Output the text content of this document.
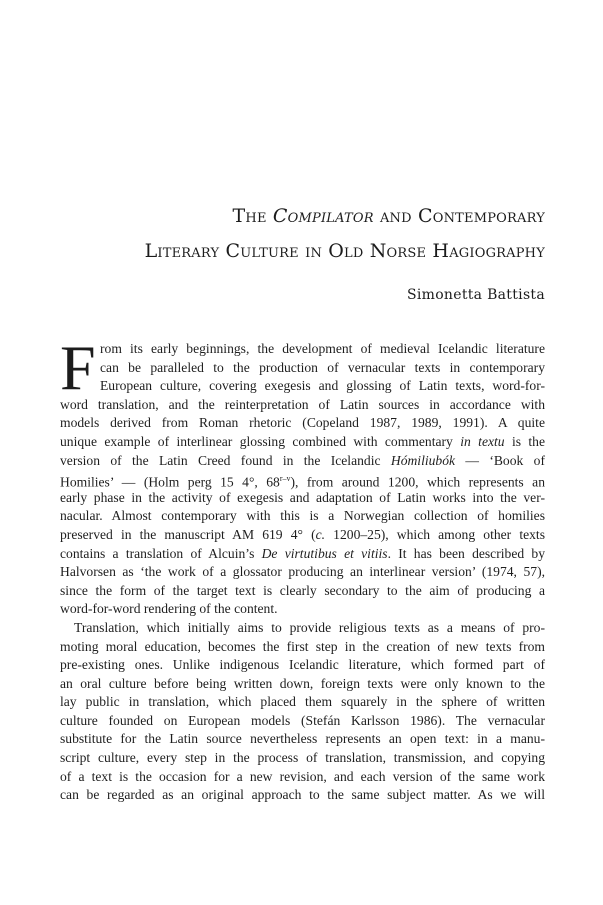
The Compilator and Contemporary
Literary Culture in Old Norse Hagiography
Simonetta Battista
F rom its early beginnings, the development of medieval Icelandic literature
can be paralleled to the production of vernacular texts in contemporary
European culture, covering exegesis and glossing of Latin texts, word-for-
word translation, and the reinterpretation of Latin sources in accordance with
models derived from Roman rhetoric (Copeland 1987, 1989, 1991). A quite
unique example of interlinear glossing combined with commentary in textu is the
version of the Latin Creed found in the Icelandic Hómiliubók — ‘Book of
Homilies’ — (Holm perg 15 4°, 68$^{r-v}$), from around 1200, which represents an
early phase in the activity of exegesis and adaptation of Latin works into the ver-
nacular. Almost contemporary with this is a Norwegian collection of homilies
preserved in the manuscript AM 619 4° (c. 1200–25), which among other texts
contains a translation of Alcuin’s De virtutibus et vitiis. It has been described by
Halvorsen as ‘the work of a glossator producing an interlinear version’ (1974, 57),
since the form of the target text is clearly secondary to the aim of producing a
word-for-word rendering of the content.
Translation, which initially aims to provide religious texts as a means of pro-
moting moral education, becomes the first step in the creation of new texts from
pre-existing ones. Unlike indigenous Icelandic literature, which formed part of
an oral culture before being written down, foreign texts were only known to the
lay public in translation, which placed them squarely in the sphere of written
culture founded on European models (Stefán Karlsson 1986). The vernacular
substitute for the Latin source nevertheless represents an open text: in a manu-
script culture, every step in the process of translation, transmission, and copying
of a text is the occasion for a new revision, and each version of the same work
can be regarded as an original approach to the same subject matter. As we will
